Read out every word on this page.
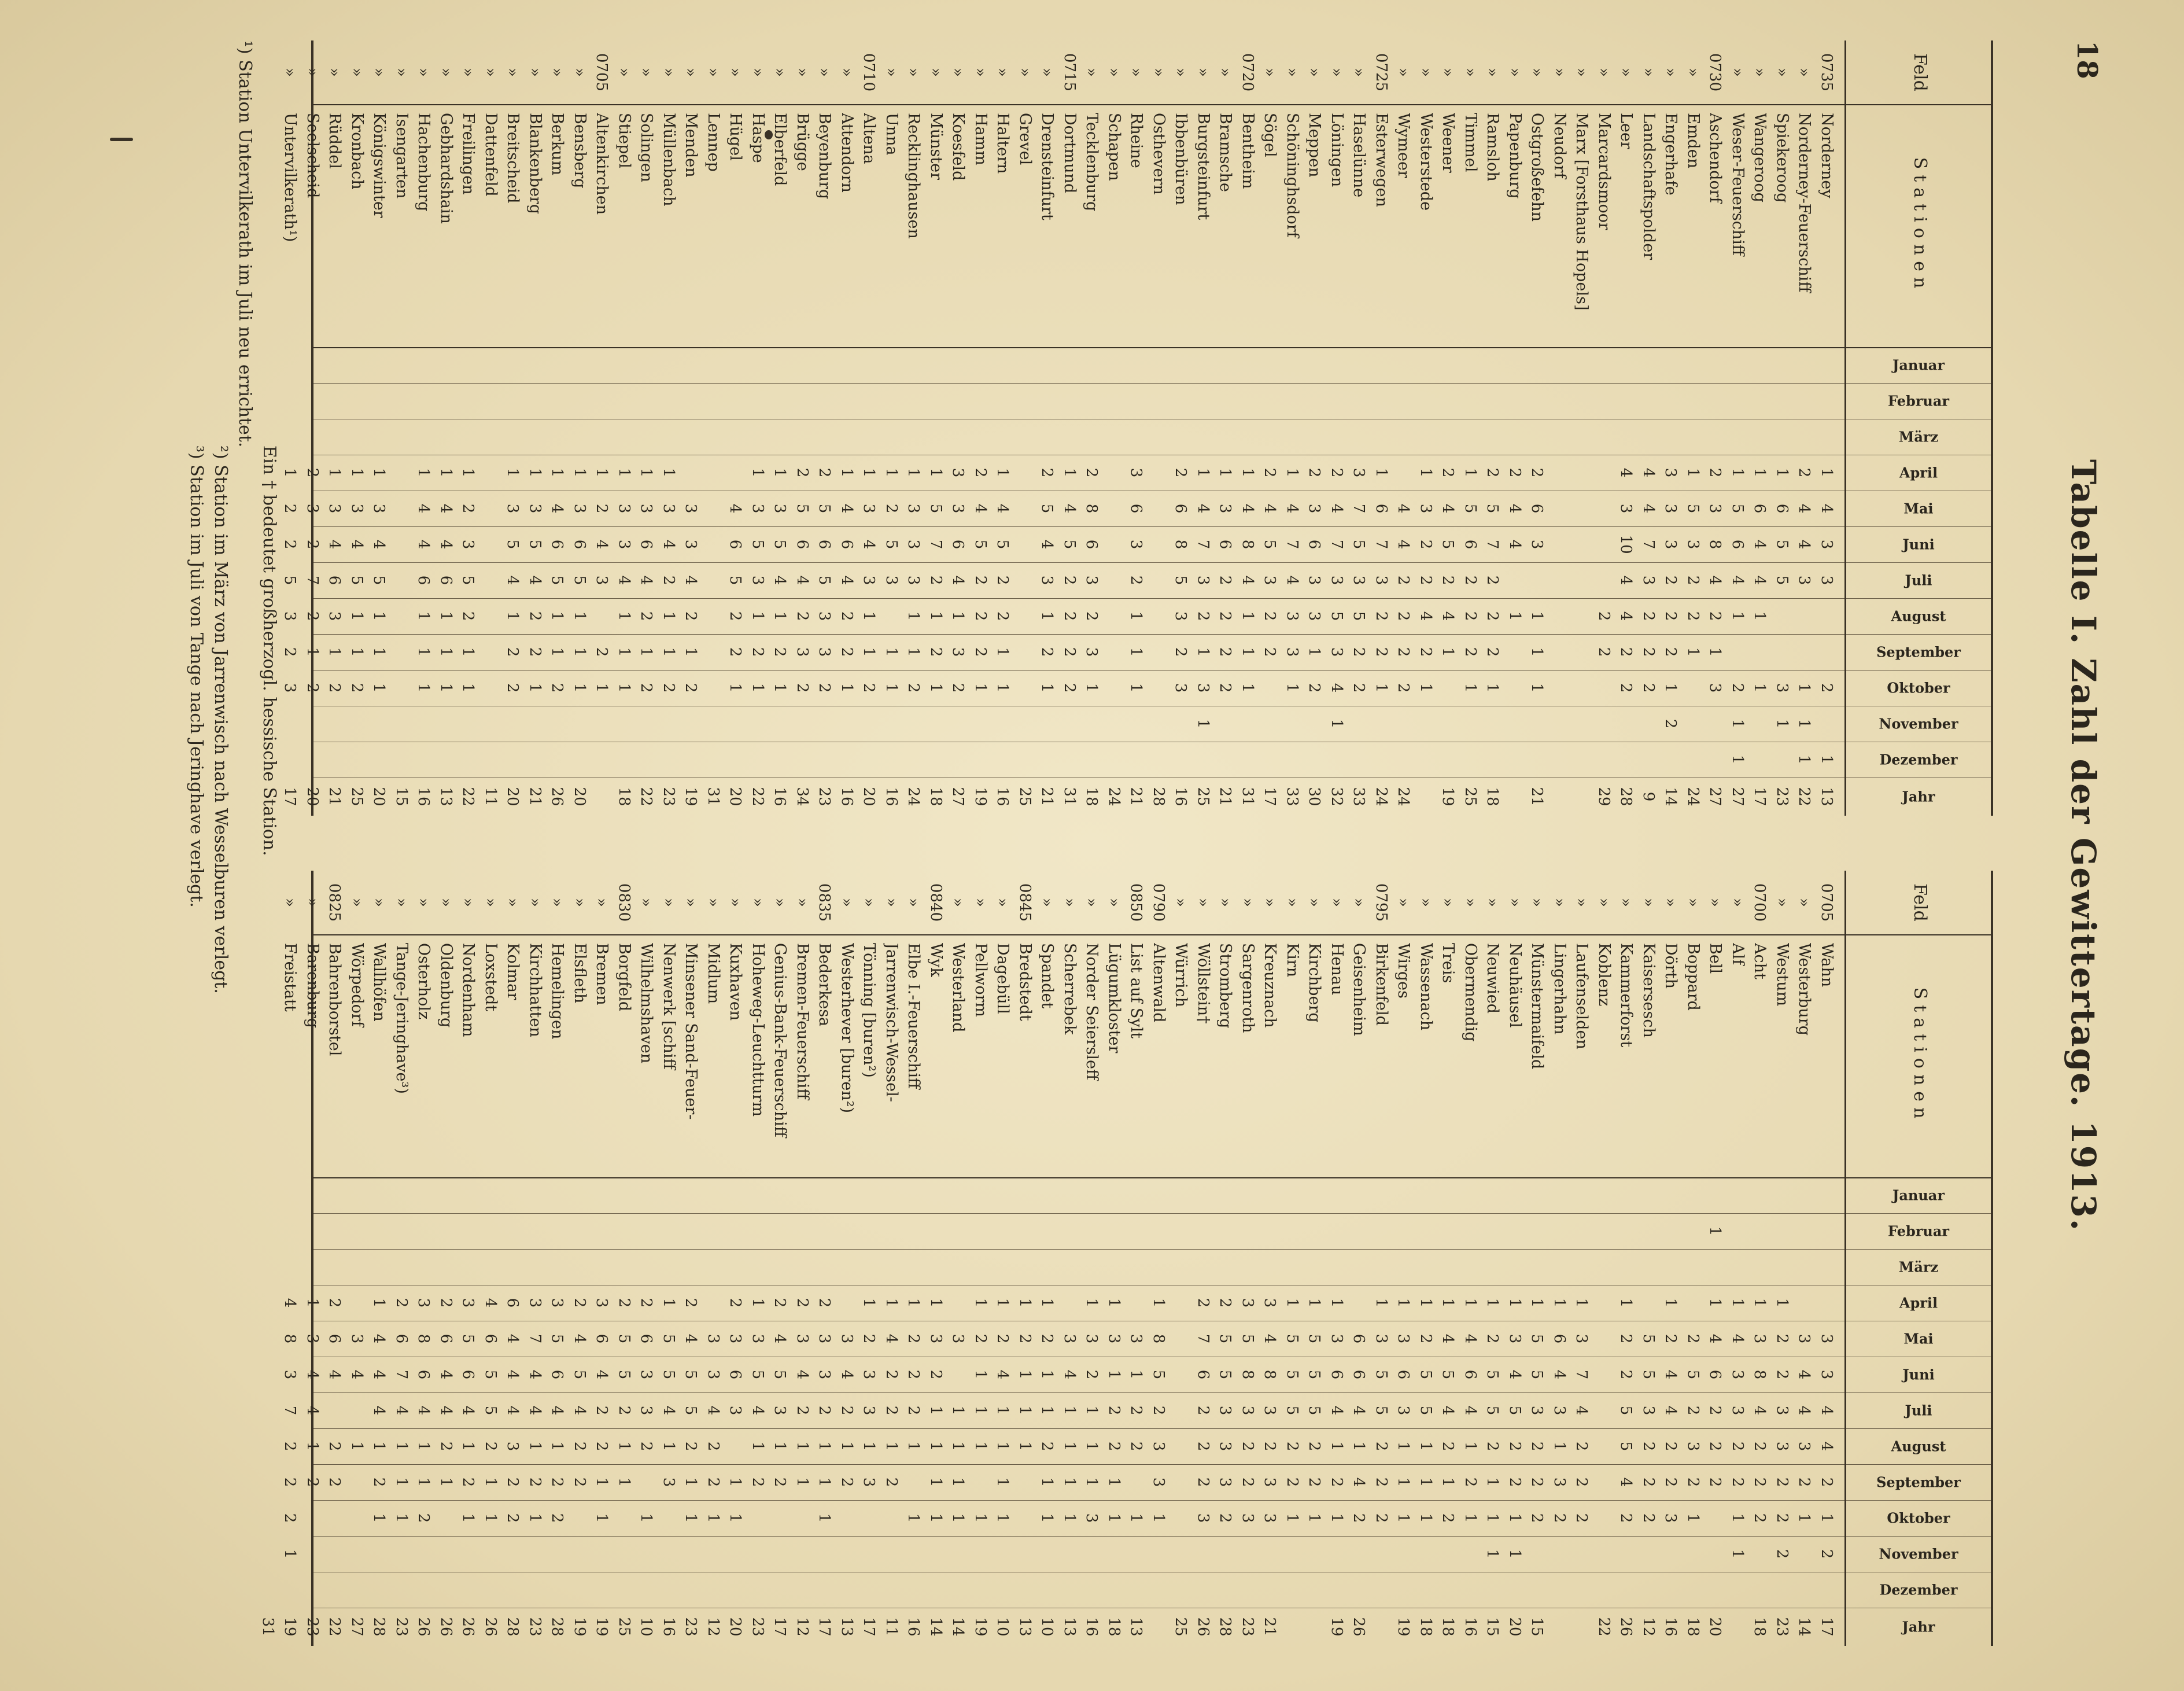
18
Tabelle I. Zahl der Gewittertage. 1913.
Feld
Stationen
Januar
Februar
März
April
Mai
Juni
Juli
August
September
Oktober
November
Dezember
Jahr
0735
Norderney
1
4
3
3
2
1
13
»
Norderney-Feuerschiff
2
4
4
3
1
1
1
22
»
Spiekeroog
1
6
5
5
3
1
23
»
Wangeroog
1
6
4
4
1
1
17
»
Weser-Feuerschiff
1
5
6
4
1
2
1
1
27
0730
Aschendorf
2
3
8
4
2
1
3
27
»
Emden
1
5
3
2
2
1
24
»
Engerhafe
3
3
3
2
2
2
1
2
14
»
Landschaftspolder
4
4
7
3
2
2
2
9
»
Leer
4
3
10
4
4
2
2
28
»
Marcardsmoor
2
2
29
»
Marx [Forsthaus Hopels]
»
Neudorf
»
Ostgroßefehn
2
6
3
1
1
1
21
»
Papenburg
2
4
4
1
»
Ramsloh
2
5
7
2
2
2
1
18
»
Timmel
1
5
6
2
2
2
1
25
»
Weener
2
4
5
2
4
1
19
»
Westerstede
1
3
2
2
4
2
1
»
Wymeer
4
4
2
2
2
2
24
0725
Esterwegen
1
6
7
3
2
2
1
24
»
Haselünne
3
7
5
3
5
2
2
33
»
Löningen
2
4
7
3
5
3
4
1
32
»
Meppen
2
3
6
3
3
1
2
30
»
Schöninghsdorf
1
4
7
4
3
3
1
33
»
Sögel
2
4
5
3
2
2
17
0720
Bentheim
1
4
8
4
1
1
1
31
»
Bramsche
1
3
6
2
2
2
2
21
»
Burgsteinfurt
1
4
7
3
2
1
3
1
25
»
Ibbenbüren
2
6
8
5
3
2
3
16
»
Osthevern
28
»
Rheine
3
6
3
2
1
1
1
21
»
Schapen
24
»
Tecklenburg
2
8
6
3
2
3
1
18
0715
Dortmund
1
4
5
2
2
2
2
31
»
Drensteinfurt
2
5
4
3
1
2
1
21
»
Grevel
25
»
Haltern
1
4
5
2
2
1
1
16
»
Hamm
2
4
5
2
2
2
1
19
»
Koesfeld
3
3
6
4
1
3
2
27
»
Münster
1
5
7
2
1
2
1
18
»
Recklinghausen
1
3
3
3
1
1
2
24
»
Unna
1
2
5
3
1
1
16
0710
Altena
1
3
4
3
1
1
2
20
»
Attendorn
1
4
6
4
2
2
1
16
»
Beyenburg
2
5
6
5
3
3
2
23
»
Brügge
2
5
6
4
2
3
2
34
»
Elberfeld
1
3
5
4
1
2
1
16
»
Haspe
1
3
5
3
1
2
1
22
»
Hügel
4
6
5
2
2
1
20
»
Lennep
31
»
Menden
3
3
4
2
1
2
19
»
Müllenbach
1
3
4
2
1
1
2
23
»
Solingen
1
3
6
4
2
1
2
22
»
Stiepel
1
3
3
4
1
1
1
18
0705
Altenkirchen
1
2
4
3
2
1
»
Bensberg
1
3
6
5
1
1
1
20
»
Berkum
1
4
6
5
1
1
2
26
»
Blankenberg
1
3
5
4
2
2
1
21
»
Breitscheid
1
3
5
4
1
2
2
20
»
Dattenfeld
11
»
Freilingen
1
2
3
5
2
1
1
22
»
Gebhardshain
1
4
4
6
1
1
1
13
»
Hachenburg
1
4
4
6
1
1
1
16
»
Isengarten
15
»
Königswinter
1
3
4
5
1
1
1
20
»
Kronbach
1
3
4
5
1
1
2
25
»
Rüddel
1
3
4
6
3
1
2
21
»
Seelscheid
2
3
2
7
2
1
2
20
»
Untervilkerath¹)
1
2
2
5
3
2
3
17
Feld
Stationen
Januar
Februar
März
April
Mai
Juni
Juli
August
September
Oktober
November
Dezember
Jahr
0705
Wahn
3
3
4
4
2
1
2
17
»
Westerburg
3
4
4
3
2
1
14
»
Westum
1
2
2
3
3
2
2
2
23
0700
Acht
1
3
8
4
2
2
2
18
»
Alf
1
4
3
3
2
2
1
1
»
Bell
1
1
4
6
2
2
2
20
»
Boppard
2
5
2
3
2
1
18
»
Dörth
1
2
4
4
2
2
3
16
»
Kaisersesch
5
5
3
2
2
2
12
»
Kammerforst
1
2
2
5
5
4
2
26
»
Koblenz
22
»
Laufenselden
1
3
7
4
2
2
2
»
Lingerhahn
1
6
4
3
1
3
2
»
Münstermaifeld
1
5
5
3
2
2
2
15
»
Neuhäusel
1
3
4
5
2
2
1
1
20
»
Neuwied
1
2
5
5
2
1
1
1
15
»
Obermendig
1
4
6
4
1
2
1
16
»
Treis
1
4
5
4
2
1
2
18
»
Wassenach
1
2
5
5
1
1
1
18
»
Wirges
1
3
6
3
1
1
1
19
0795
Birkenfeld
1
3
5
5
2
2
2
»
Geisenheim
6
6
4
1
4
2
26
»
Henau
1
3
6
4
1
2
1
19
»
Kirchberg
1
5
5
5
2
2
1
»
Kirn
1
5
5
5
2
2
1
»
Kreuznach
3
4
8
3
2
3
3
21
»
Sargenroth
3
5
8
3
2
2
3
23
»
Stromberg
2
5
5
3
3
3
2
28
»
Wöllstein†
2
7
6
2
2
2
3
26
»
Würrich
25
0790
Altenwald
1
8
5
2
3
3
1
0850
List auf Sylt
3
1
2
2
1
13
»
Lügumkloster
1
3
1
2
2
1
1
18
»
Norder Seiersleff
1
3
2
1
1
1
3
16
»
Scherrebek
3
4
1
1
1
1
13
»
Spandet
1
2
1
1
2
1
1
10
0845
Bredstedt
1
2
1
1
1
13
»
Dagebüll
1
2
4
1
1
1
1
10
»
Pellworm
1
2
1
1
1
1
19
»
Westerland
3
1
1
1
1
14
0840
Wyk
1
3
2
1
1
1
1
14
»
Elbe I.-Feuerschiff
1
2
2
2
1
1
16
»
Jarrenwisch-Wessel-
1
4
2
2
1
2
11
»
Tönning [buren²)
1
2
3
3
1
3
17
»
Westerhever [buren²)
3
4
2
1
2
13
0835
Bederkesa
2
3
3
2
1
1
1
17
»
Bremen-Feuerschiff
2
3
4
2
1
1
12
»
Genius-Bank-Feuerschiff
2
4
5
3
1
2
17
»
Hoheweg-Leuchtturm
1
3
5
4
1
2
23
»
Kuxhaven
2
3
6
3
1
1
20
»
Midlum
3
3
4
2
2
1
12
»
Minsener Sand-Feuer-
2
4
5
5
2
1
1
23
»
Nenwerk [schiff
1
5
5
4
1
3
16
»
Wilhelmshaven
2
6
3
3
2
1
10
0830
Borgfeld
2
5
5
2
1
1
25
»
Bremen
3
6
4
2
2
1
1
19
»
Elsfleth
2
4
5
4
2
2
19
»
Hemelingen
3
5
6
4
1
2
2
28
»
Kirchhatten
3
7
4
4
1
2
1
23
»
Kolmar
6
4
4
4
3
2
2
28
»
Loxstedt
4
6
5
5
2
1
1
26
»
Nordenham
3
5
6
4
1
2
1
26
»
Oldenburg
2
6
4
4
2
1
26
»
Osterholz
3
8
6
4
1
1
2
26
»
Tange-Jeringhave³)
2
6
7
4
1
1
1
23
»
Wallhöfen
1
4
4
4
1
2
1
28
»
Wörpedorf
3
4
1
27
0825
Bahrenborstel
2
6
4
2
2
22
»
Barenburg
1
3
4
4
1
2
23
»
Freistatt
4
8
3
7
2
2
2
1
19
31
Ein † bedeutet großherzogl. hessische Station.
¹) Station Untervilkerath im Juli neu errichtet.
²) Station im März von Jarrenwisch nach Wesselburen verlegt.
³) Station im Juli von Tange nach Jeringhave verlegt.
